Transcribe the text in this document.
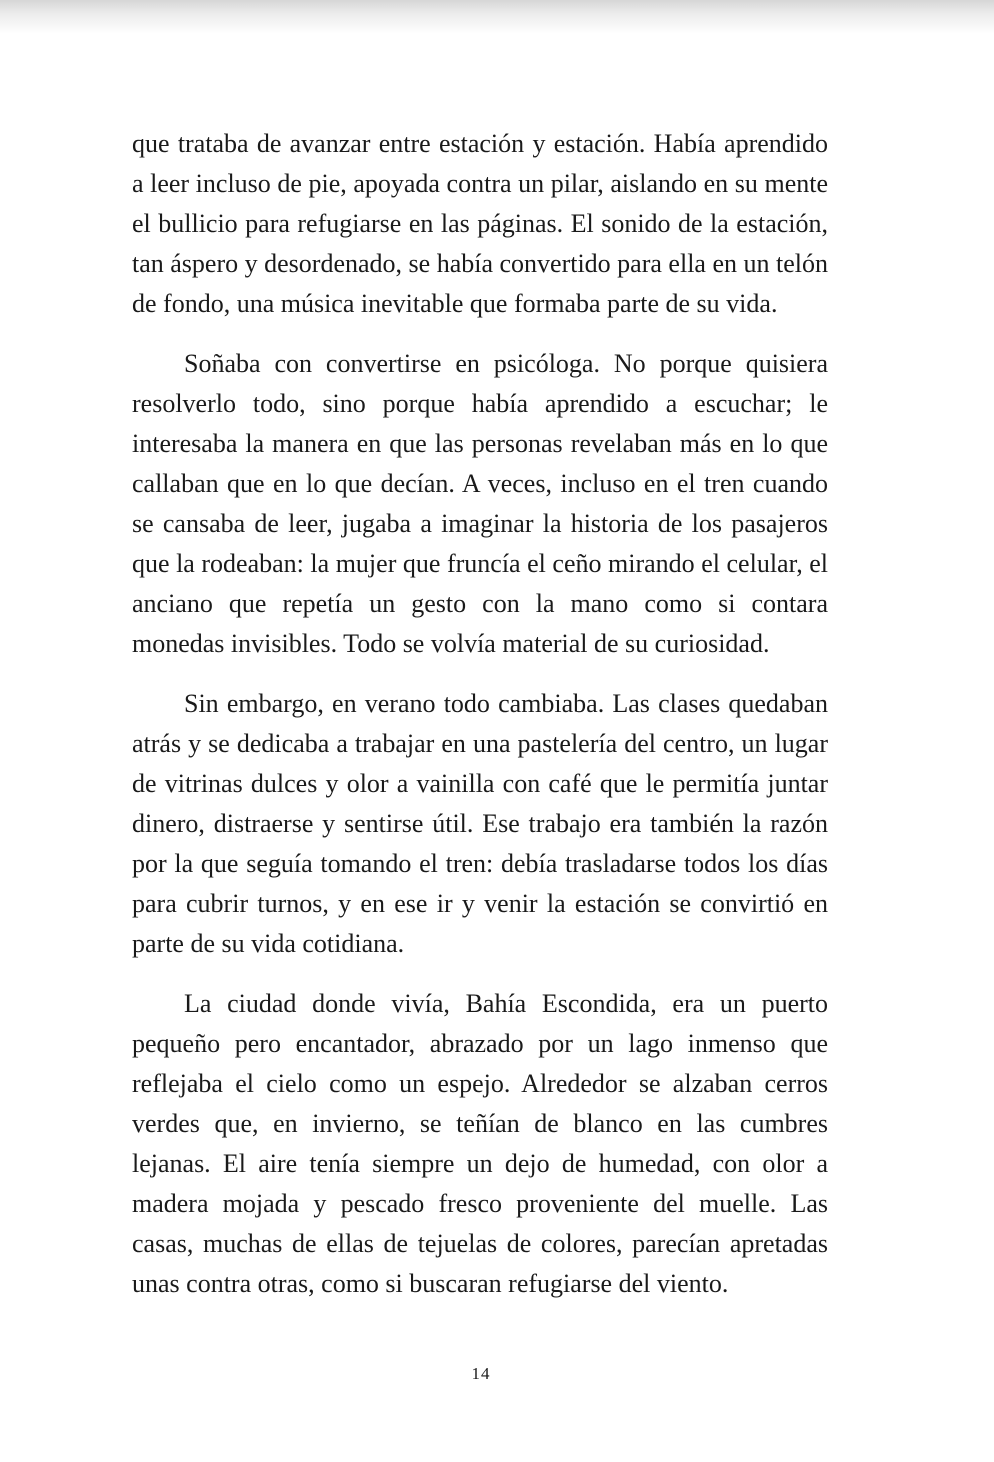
que trataba de avanzar entre estación y estación. Había aprendido a leer incluso de pie, apoyada contra un pilar, aislando en su mente el bullicio para refugiarse en las páginas. El sonido de la estación, tan áspero y desordenado, se había convertido para ella en un telón de fondo, una música inevitable que formaba parte de su vida.

Soñaba con convertirse en psicóloga. No porque quisiera resolverlo todo, sino porque había aprendido a escuchar; le interesaba la manera en que las personas revelaban más en lo que callaban que en lo que decían. A veces, incluso en el tren cuando se cansaba de leer, jugaba a imaginar la historia de los pasajeros que la rodeaban: la mujer que fruncía el ceño mirando el celular, el anciano que repetía un gesto con la mano como si contara monedas invisibles. Todo se volvía material de su curiosidad.

Sin embargo, en verano todo cambiaba. Las clases quedaban atrás y se dedicaba a trabajar en una pastelería del centro, un lugar de vitrinas dulces y olor a vainilla con café que le permitía juntar dinero, distraerse y sentirse útil. Ese trabajo era también la razón por la que seguía tomando el tren: debía trasladarse todos los días para cubrir turnos, y en ese ir y venir la estación se convirtió en parte de su vida cotidiana.

La ciudad donde vivía, Bahía Escondida, era un puerto pequeño pero encantador, abrazado por un lago inmenso que reflejaba el cielo como un espejo. Alrededor se alzaban cerros verdes que, en invierno, se teñían de blanco en las cumbres lejanas. El aire tenía siempre un dejo de humedad, con olor a madera mojada y pescado fresco proveniente del muelle. Las casas, muchas de ellas de tejuelas de colores, parecían apretadas unas contra otras, como si buscaran refugiarse del viento.

14
